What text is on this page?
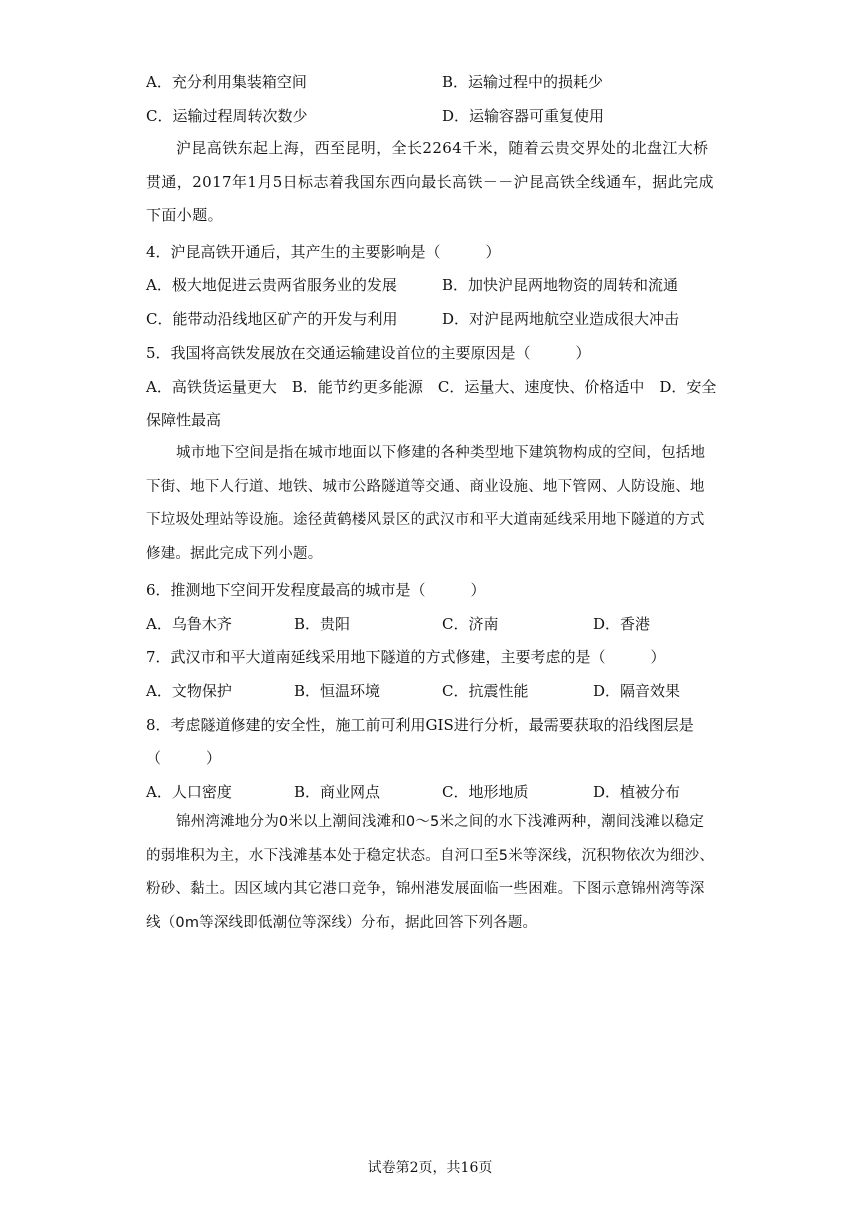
A．充分利用集装箱空间	B．运输过程中的损耗少
C．运输过程周转次数少	D．运输容器可重复使用
沪昆高铁东起上海，西至昆明，全长2264千米，随着云贵交界处的北盘江大桥贯通，2017年1月5日标志着我国东西向最长高铁－－沪昆高铁全线通车，据此完成下面小题。
4．沪昆高铁开通后，其产生的主要影响是（　　　）
A．极大地促进云贵两省服务业的发展	B．加快沪昆两地物资的周转和流通
C．能带动沿线地区矿产的开发与利用	D．对沪昆两地航空业造成很大冲击
5．我国将高铁发展放在交通运输建设首位的主要原因是（　　　）
A．高铁货运量更大　B．能节约更多能源　C．运量大、速度快、价格适中　D．安全
保障性最高
城市地下空间是指在城市地面以下修建的各种类型地下建筑物构成的空间，包括地下街、地下人行道、地铁、城市公路隧道等交通、商业设施、地下管网、人防设施、地下垃圾处理站等设施。途径黄鹤楼风景区的武汉市和平大道南延线采用地下隧道的方式修建。据此完成下列小题。
6．推测地下空间开发程度最高的城市是（　　　）
A．乌鲁木齐	B．贵阳	C．济南	D．香港
7．武汉市和平大道南延线采用地下隧道的方式修建，主要考虑的是（　　　）
A．文物保护	B．恒温环境	C．抗震性能	D．隔音效果
8．考虑隧道修建的安全性，施工前可利用GIS进行分析，最需要获取的沿线图层是
（　　　）
A．人口密度	B．商业网点	C．地形地质	D．植被分布
锦州湾滩地分为0米以上潮间浅滩和0～5米之间的水下浅滩两种，潮间浅滩以稳定的弱堆积为主，水下浅滩基本处于稳定状态。自河口至5米等深线，沉积物依次为细沙、粉砂、黏土。因区域内其它港口竞争，锦州港发展面临一些困难。下图示意锦州湾等深线（0m等深线即低潮位等深线）分布，据此回答下列各题。
试卷第2页，共16页
